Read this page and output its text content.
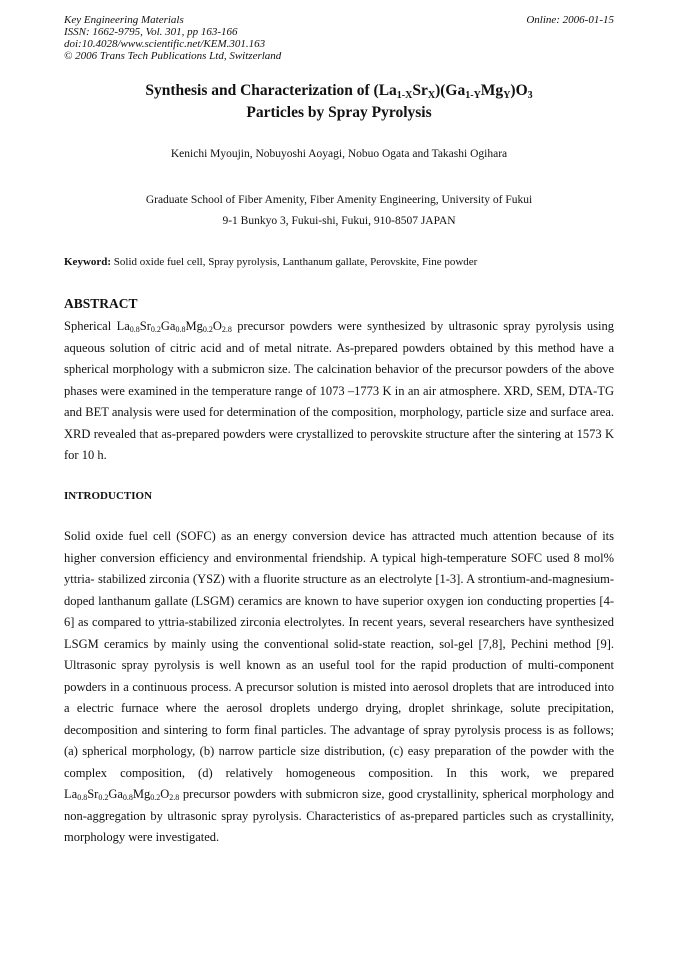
Key Engineering Materials
ISSN: 1662-9795, Vol. 301, pp 163-166
doi:10.4028/www.scientific.net/KEM.301.163
© 2006 Trans Tech Publications Ltd, Switzerland
Online: 2006-01-15
Synthesis and Characterization of $(La_{1-X}Sr_X)(Ga_{1-Y}Mg_Y)O_3$
Particles by Spray Pyrolysis
Kenichi Myoujin, Nobuyoshi Aoyagi, Nobuo Ogata and Takashi Ogihara
Graduate School of Fiber Amenity, Fiber Amenity Engineering, University of Fukui
9-1 Bunkyo 3, Fukui-shi, Fukui, 910-8507 JAPAN
Keyword: Solid oxide fuel cell, Spray pyrolysis, Lanthanum gallate, Perovskite, Fine powder
ABSTRACT
Spherical $La_{0.8}Sr_{0.2}Ga_{0.8}Mg_{0.2}O_{2.8}$ precursor powders were synthesized by ultrasonic spray pyrolysis using aqueous solution of citric acid and of metal nitrate. As-prepared powders obtained by this method have a spherical morphology with a submicron size. The calcination behavior of the precursor powders of the above phases were examined in the temperature range of 1073 –1773 K in an air atmosphere. XRD, SEM, DTA-TG and BET analysis were used for determination of the composition, morphology, particle size and surface area. XRD revealed that as-prepared powders were crystallized to perovskite structure after the sintering at 1573 K for 10 h.
INTRODUCTION
Solid oxide fuel cell (SOFC) as an energy conversion device has attracted much attention because of its higher conversion efficiency and environmental friendship. A typical high-temperature SOFC used 8 mol% yttria- stabilized zirconia (YSZ) with a fluorite structure as an electrolyte [1-3]. A strontium-and-magnesium-doped lanthanum gallate (LSGM) ceramics are known to have superior oxygen ion conducting properties [4-6] as compared to yttria-stabilized zirconia electrolytes. In recent years, several researchers have synthesized LSGM ceramics by mainly using the conventional solid-state reaction, sol-gel [7,8], Pechini method [9]. Ultrasonic spray pyrolysis is well known as an useful tool for the rapid production of multi-component powders in a continuous process. A precursor solution is misted into aerosol droplets that are introduced into a electric furnace where the aerosol droplets undergo drying, droplet shrinkage, solute precipitation, decomposition and sintering to form final particles. The advantage of spray pyrolysis process is as follows; (a) spherical morphology, (b) narrow particle size distribution, (c) easy preparation of the powder with the complex composition, (d) relatively homogeneous composition. In this work, we prepared $La_{0.8}Sr_{0.2}Ga_{0.8}Mg_{0.2}O_{2.8}$ precursor powders with submicron size, good crystallinity, spherical morphology and non-aggregation by ultrasonic spray pyrolysis. Characteristics of as-prepared particles such as crystallinity, morphology were investigated.
